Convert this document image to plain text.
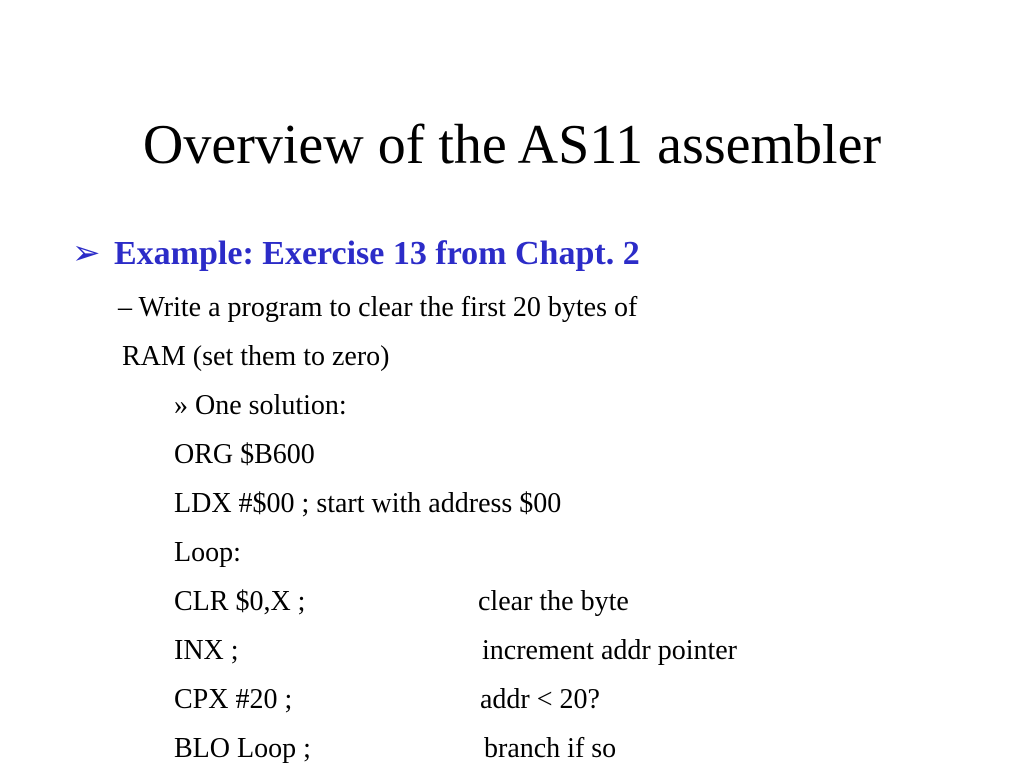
Overview of the AS11 assembler
➢ Example: Exercise 13 from Chapt. 2
– Write a program to clear the first 20 bytes of
RAM (set them to zero)
» One solution:
ORG $B600
LDX #$00 ; start with address $00
Loop:
CLR $0,X ;	clear the byte
INX ;	increment addr pointer
CPX #20 ;	addr < 20?
BLO Loop ;	branch if so
